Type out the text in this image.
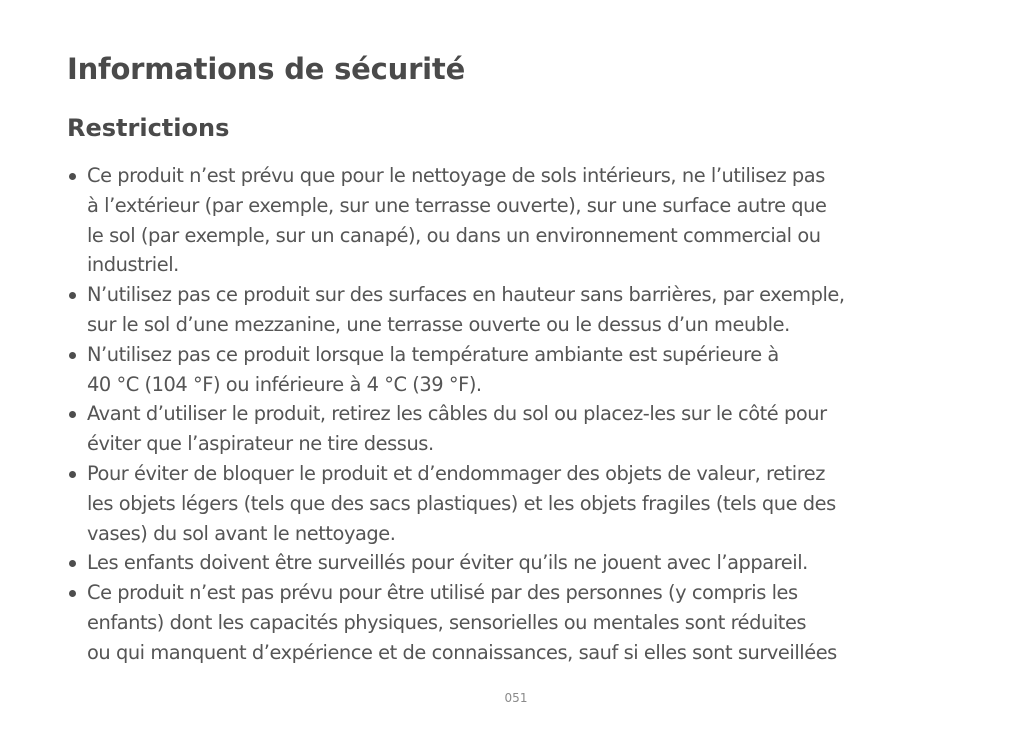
Informations de sécurité
Restrictions
Ce produit n’est prévu que pour le nettoyage de sols intérieurs, ne l’utilisez pas
à l’extérieur (par exemple, sur une terrasse ouverte), sur une surface autre que
le sol (par exemple, sur un canapé), ou dans un environnement commercial ou
industriel.
N’utilisez pas ce produit sur des surfaces en hauteur sans barrières, par exemple,
sur le sol d’une mezzanine, une terrasse ouverte ou le dessus d’un meuble.
N’utilisez pas ce produit lorsque la température ambiante est supérieure à
40 °C (104 °F) ou inférieure à 4 °C (39 °F).
Avant d’utiliser le produit, retirez les câbles du sol ou placez-les sur le côté pour
éviter que l’aspirateur ne tire dessus.
Pour éviter de bloquer le produit et d’endommager des objets de valeur, retirez
les objets légers (tels que des sacs plastiques) et les objets fragiles (tels que des
vases) du sol avant le nettoyage.
Les enfants doivent être surveillés pour éviter qu’ils ne jouent avec l’appareil.
Ce produit n’est pas prévu pour être utilisé par des personnes (y compris les
enfants) dont les capacités physiques, sensorielles ou mentales sont réduites
ou qui manquent d’expérience et de connaissances, sauf si elles sont surveillées
051
